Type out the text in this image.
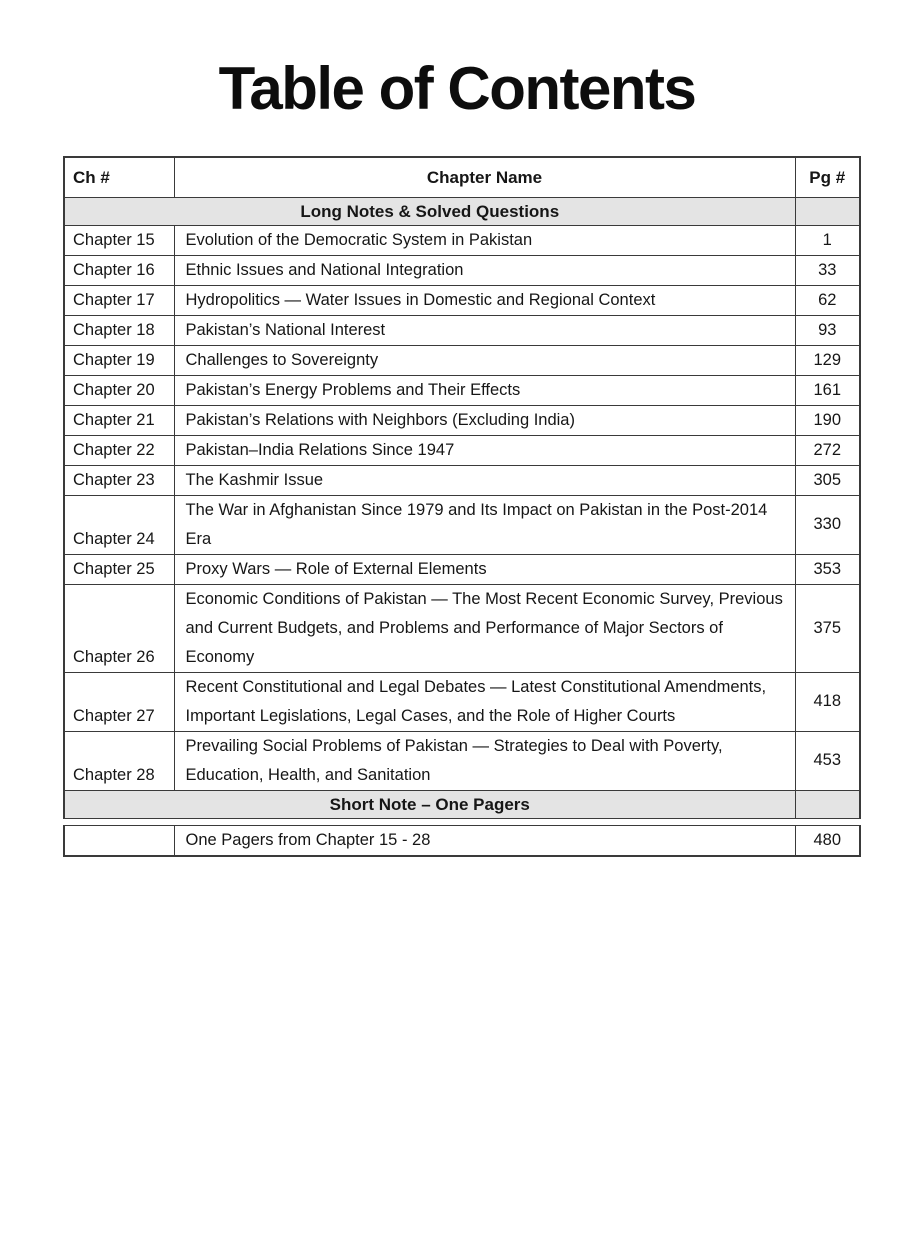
Table of Contents
Ch #	Chapter Name	Pg #
Long Notes & Solved Questions		
Chapter 15	Evolution of the Democratic System in Pakistan	1
Chapter 16	Ethnic Issues and National Integration	33
Chapter 17	Hydropolitics — Water Issues in Domestic and Regional Context	62
Chapter 18	Pakistan’s National Interest	93
Chapter 19	Challenges to Sovereignty	129
Chapter 20	Pakistan’s Energy Problems and Their Effects	161
Chapter 21	Pakistan’s Relations with Neighbors (Excluding India)	190
Chapter 22	Pakistan–India Relations Since 1947	272
Chapter 23	The Kashmir Issue	305
Chapter 24	The War in Afghanistan Since 1979 and Its Impact on Pakistan in the Post-2014 Era	330
Chapter 25	Proxy Wars — Role of External Elements	353
Chapter 26	Economic Conditions of Pakistan — The Most Recent Economic Survey, Previous and Current Budgets, and Problems and Performance of Major Sectors of Economy	375
Chapter 27	Recent Constitutional and Legal Debates — Latest Constitutional Amendments, Important Legislations, Legal Cases, and the Role of Higher Courts	418
Chapter 28	Prevailing Social Problems of Pakistan — Strategies to Deal with Poverty, Education, Health, and Sanitation	453
Short Note – One Pagers		

	One Pagers from Chapter 15 - 28	480
